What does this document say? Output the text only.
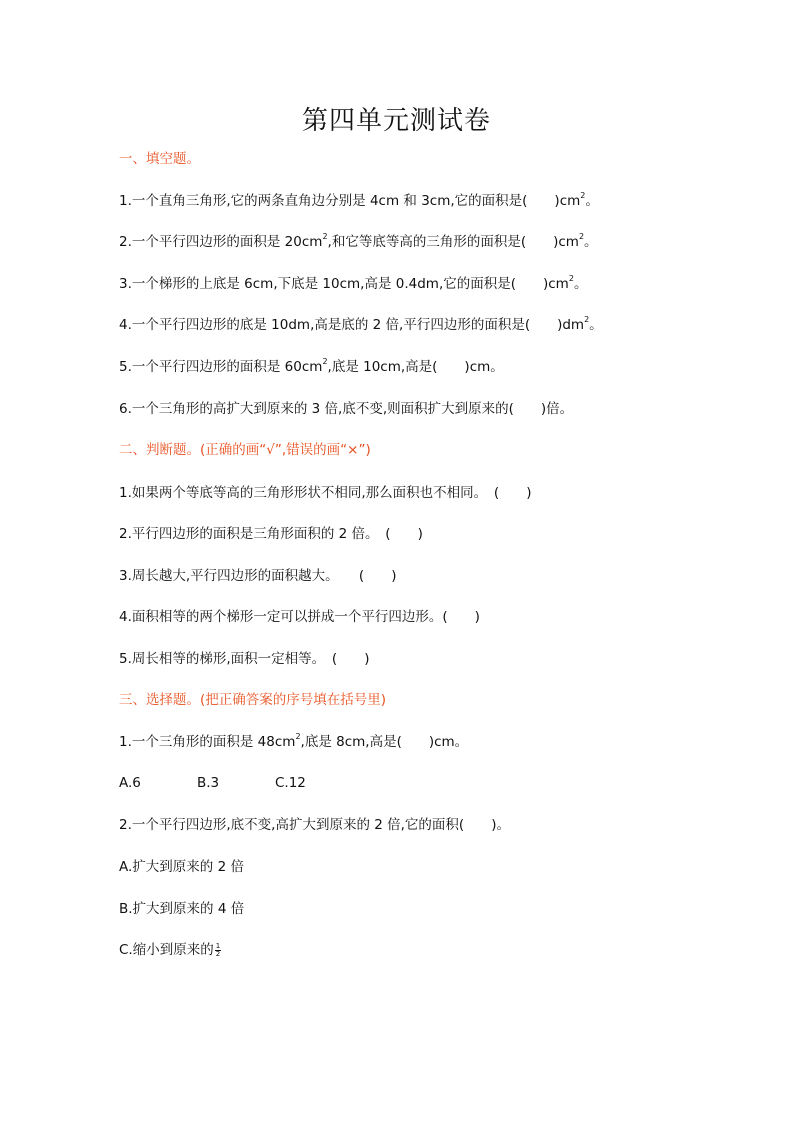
第四单元测试卷
一、填空题。
1.一个直角三角形,它的两条直角边分别是 4cm 和 3cm,它的面积是(　　)$cm^2$。
2.一个平行四边形的面积是 $20cm^2$,和它等底等高的三角形的面积是(　　)$cm^2$。
3.一个梯形的上底是 6cm,下底是 10cm,高是 0.4dm,它的面积是(　　)$cm^2$。
4.一个平行四边形的底是 10dm,高是底的 2 倍,平行四边形的面积是(　　)$dm^2$。
5.一个平行四边形的面积是 $60cm^2$,底是 10cm,高是(　　)cm。
6.一个三角形的高扩大到原来的 3 倍,底不变,则面积扩大到原来的(　　)倍。
二、判断题。(正确的画“√”,错误的画“×”)
1.如果两个等底等高的三角形形状不相同,那么面积也不相同。　(　　)
2.平行四边形的面积是三角形面积的 2 倍。　(　　)
3.周长越大,平行四边形的面积越大。　　(　　)
4.面积相等的两个梯形一定可以拼成一个平行四边形。(　　)
5.周长相等的梯形,面积一定相等。　(　　)
三、选择题。(把正确答案的序号填在括号里)
1.一个三角形的面积是 $48cm^2$,底是 8cm,高是(　　)cm。
A.6	B.3	C.12
2.一个平行四边形,底不变,高扩大到原来的 2 倍,它的面积(　　)。
A.扩大到原来的 2 倍
B.扩大到原来的 4 倍
C.缩小到原来的 $\frac{1}{2}$
